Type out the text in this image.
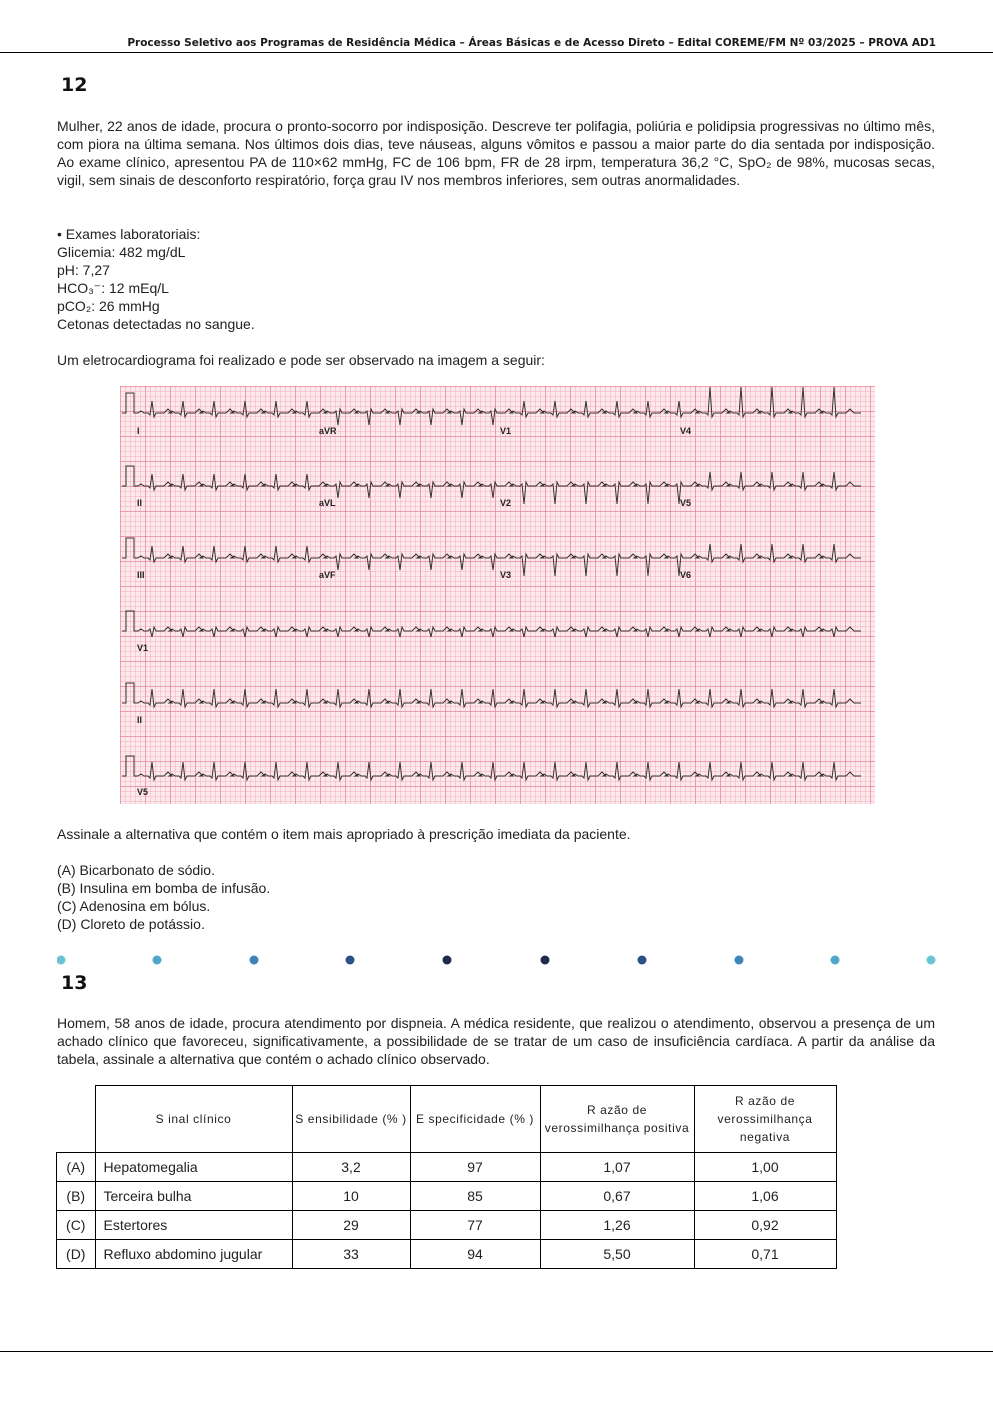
Processo Seletivo aos Programas de Residência Médica – Áreas Básicas e de Acesso Direto – Edital COREME/FM Nº 03/2025 – PROVA AD1
12
Mulher, 22 anos de idade, procura o pronto-socorro por indisposição. Descreve ter polifagia, poliúria e polidipsia progressivas no último mês, com piora na última semana. Nos últimos dois dias, teve náuseas, alguns vômitos e passou a maior parte do dia sentada por indisposição. Ao exame clínico, apresentou PA de 110×62 mmHg, FC de 106 bpm, FR de 28 irpm, temperatura 36,2 °C, SpO₂ de 98%, mucosas secas, vigil, sem sinais de desconforto respiratório, força grau IV nos membros inferiores, sem outras anormalidades.
• Exames laboratoriais:
Glicemia: 482 mg/dL
pH: 7,27
HCO₃⁻: 12 mEq/L
pCO₂: 26 mmHg
Cetonas detectadas no sangue.
Um eletrocardiograma foi realizado e pode ser observado na imagem a seguir:
I	aVR	V1	V4
II	aVL	V2	V5
III	aVF	V3	V6
V1
II
V5
Assinale a alternativa que contém o item mais apropriado à prescrição imediata da paciente.
(A) Bicarbonato de sódio.
(B) Insulina em bomba de infusão.
(C) Adenosina em bólus.
(D) Cloreto de potássio.
13
Homem, 58 anos de idade, procura atendimento por dispneia. A médica residente, que realizou o atendimento, observou a presença de um achado clínico que favoreceu, significativamente, a possibilidade de se tratar de um caso de insuficiência cardíaca. A partir da análise da tabela, assinale a alternativa que contém o achado clínico observado.
	S inal clínico	S ensibilidade (% )	E specificidade (% )	R azão de verossimilhança positiva	R azão de verossimilhança negativa
(A)	Hepatomegalia	3,2	97	1,07	1,00
(B)	Terceira bulha	10	85	0,67	1,06
(C)	Estertores	29	77	1,26	0,92
(D)	Refluxo abdomino jugular	33	94	5,50	0,71
